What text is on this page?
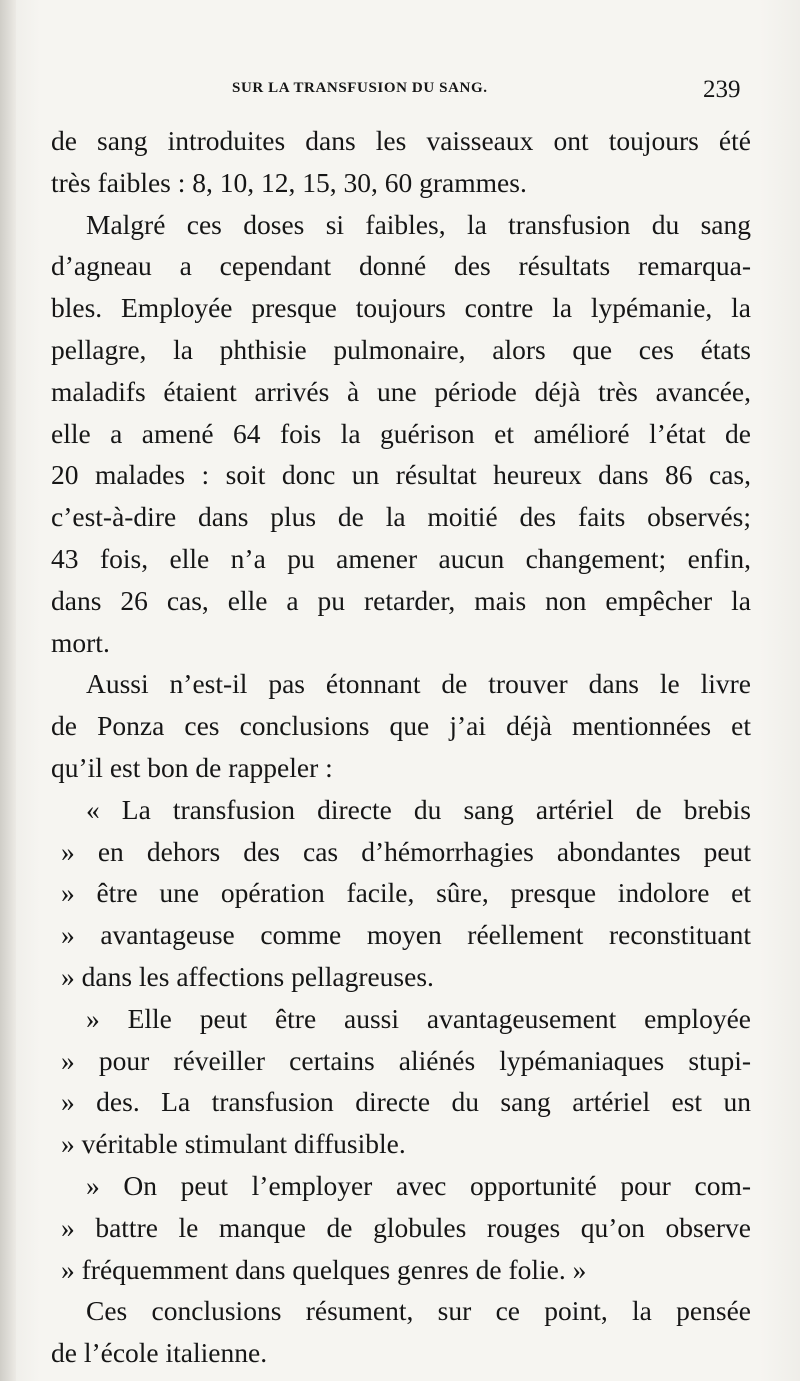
SUR LA TRANSFUSION DU SANG.	239
de sang introduites dans les vaisseaux ont toujours été
très faibles : 8, 10, 12, 15, 30, 60 grammes.
Malgré ces doses si faibles, la transfusion du sang
d’agneau a cependant donné des résultats remarqua-
bles. Employée presque toujours contre la lypémanie, la
pellagre, la phthisie pulmonaire, alors que ces états
maladifs étaient arrivés à une période déjà très avancée,
elle a amené 64 fois la guérison et amélioré l’état de
20 malades : soit donc un résultat heureux dans 86 cas,
c’est-à-dire dans plus de la moitié des faits observés;
43 fois, elle n’a pu amener aucun changement; enfin,
dans 26 cas, elle a pu retarder, mais non empêcher la
mort.
Aussi n’est-il pas étonnant de trouver dans le livre
de Ponza ces conclusions que j’ai déjà mentionnées et
qu’il est bon de rappeler :
« La transfusion directe du sang artériel de brebis
» en dehors des cas d’hémorrhagies abondantes peut
» être une opération facile, sûre, presque indolore et
» avantageuse comme moyen réellement reconstituant
» dans les affections pellagreuses.
» Elle peut être aussi avantageusement employée
» pour réveiller certains aliénés lypémaniaques stupi-
» des. La transfusion directe du sang artériel est un
» véritable stimulant diffusible.
» On peut l’employer avec opportunité pour com-
» battre le manque de globules rouges qu’on observe
» fréquemment dans quelques genres de folie. »
Ces conclusions résument, sur ce point, la pensée
de l’école italienne.
